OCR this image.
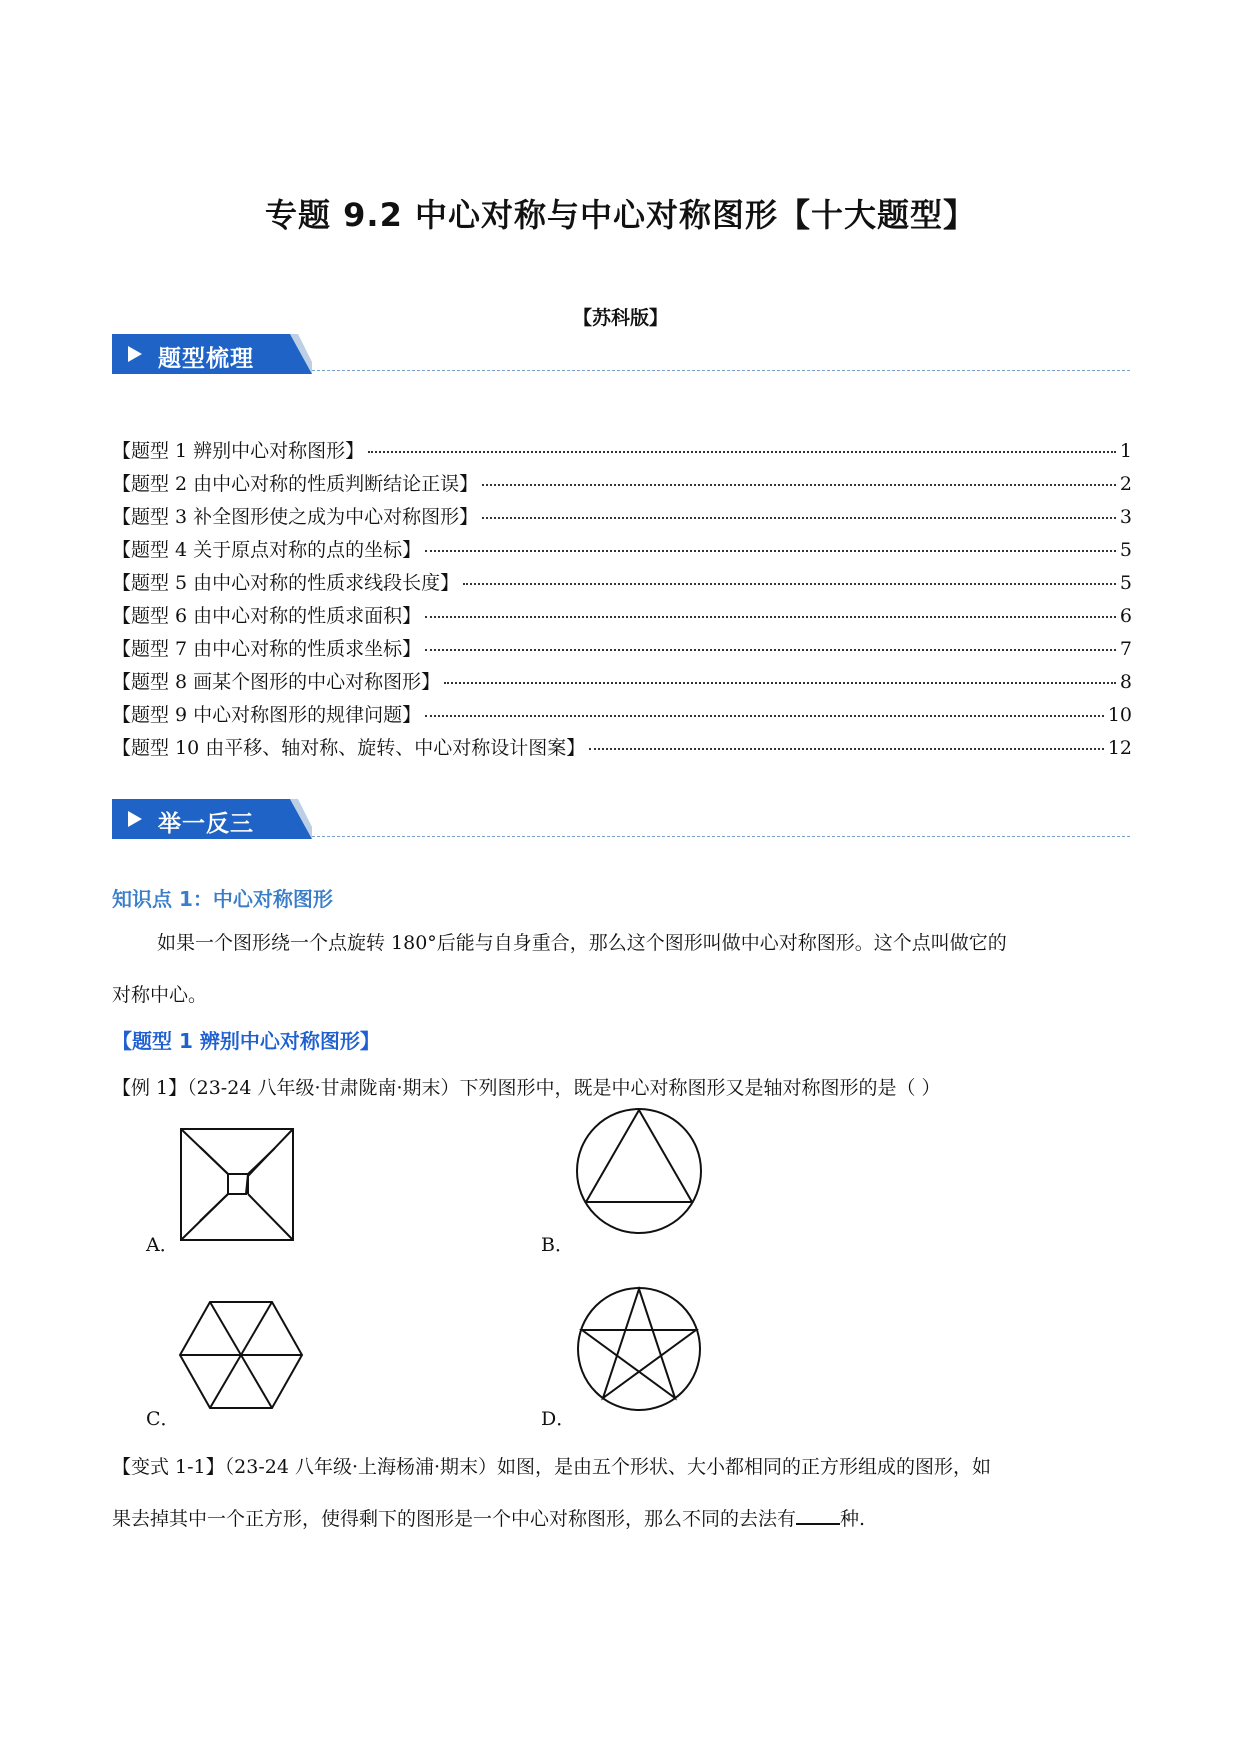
专题 9.2 中心对称与中心对称图形【十大题型】
【苏科版】
题型梳理
【题型 1 辨别中心对称图形】	1
【题型 2 由中心对称的性质判断结论正误】	2
【题型 3 补全图形使之成为中心对称图形】	3
【题型 4 关于原点对称的点的坐标】	5
【题型 5 由中心对称的性质求线段长度】	5
【题型 6 由中心对称的性质求面积】	6
【题型 7 由中心对称的性质求坐标】	7
【题型 8 画某个图形的中心对称图形】	8
【题型 9 中心对称图形的规律问题】	10
【题型 10 由平移、轴对称、旋转、中心对称设计图案】	12
举一反三
知识点 1：中心对称图形
如果一个图形绕一个点旋转 180°后能与自身重合，那么这个图形叫做中心对称图形。这个点叫做它的
对称中心。
【题型 1 辨别中心对称图形】
【例 1】（23-24 八年级·甘肃陇南·期末）下列图形中，既是中心对称图形又是轴对称图形的是（ ）
A．	B．
C．	D．
【变式 1-1】（23-24 八年级·上海杨浦·期末）如图，是由五个形状、大小都相同的正方形组成的图形，如
果去掉其中一个正方形，使得剩下的图形是一个中心对称图形，那么不同的去法有 种.
